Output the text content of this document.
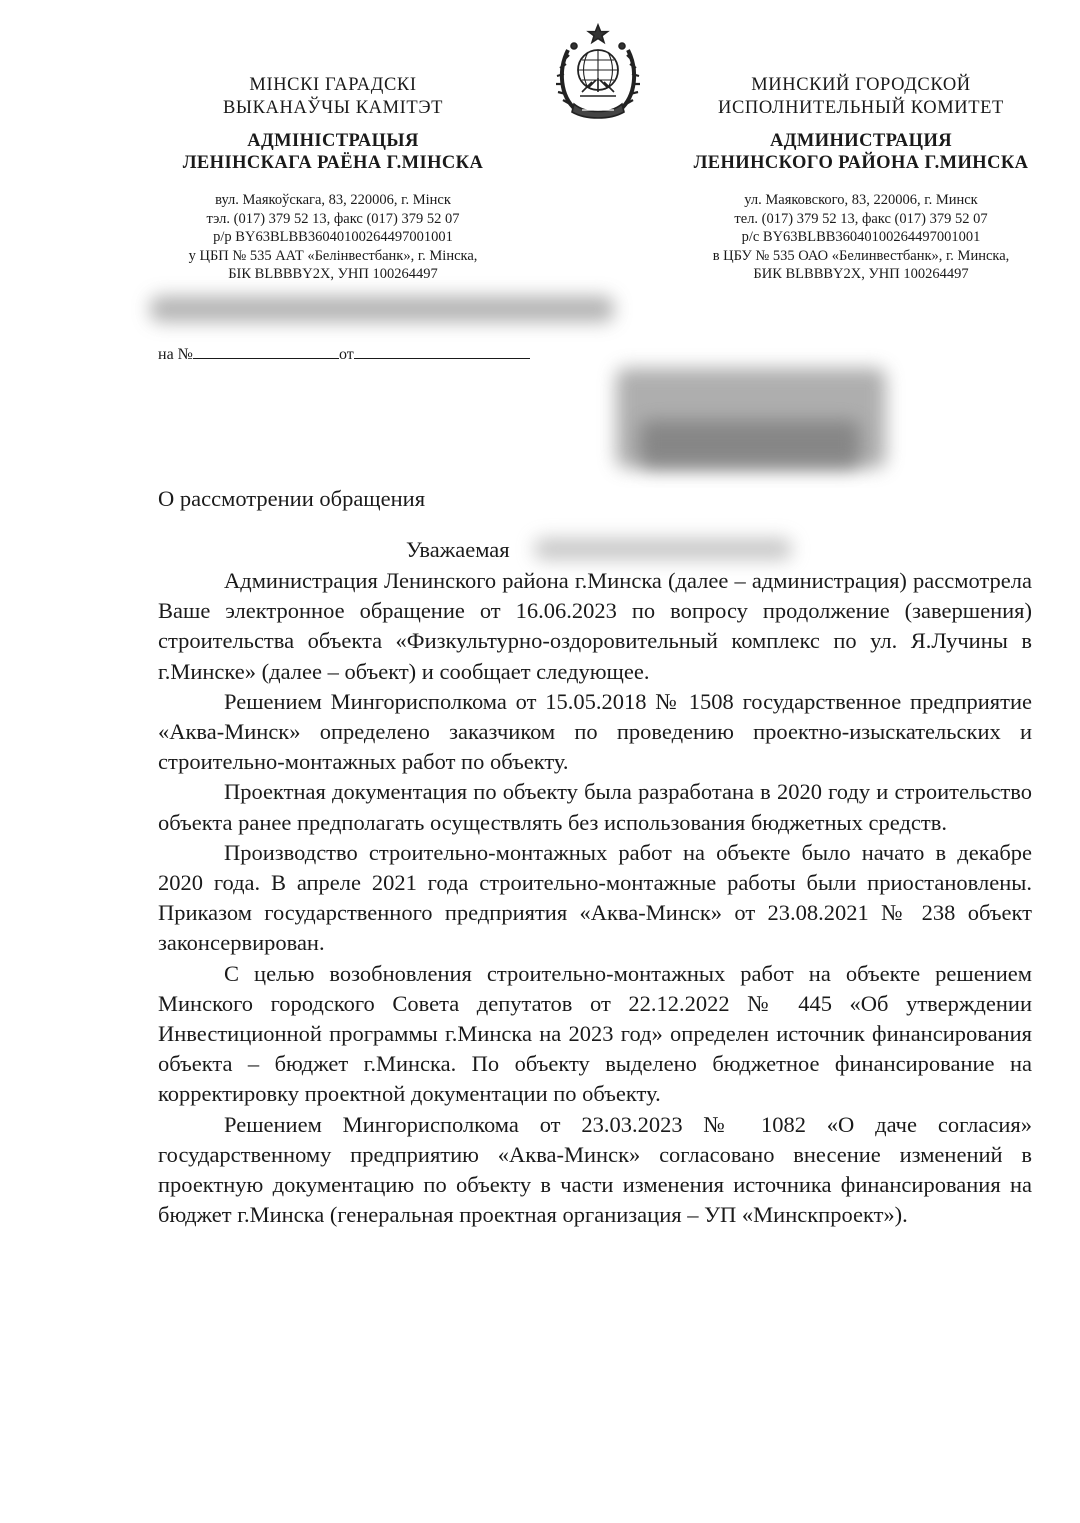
МІНСКІ ГАРАДСКІ
ВЫКАНАЎЧЫ КАМІТЭТ
АДМІНІСТРАЦЫЯ
ЛЕНІНСКАГА РАЁНА Г.МІНСКА
вул. Маякоўскага, 83, 220006, г. Мінск
тэл. (017) 379 52 13, факс (017) 379 52 07
р/р BY63BLBB36040100264497001001
у ЦБП № 535 ААТ «Белінвестбанк», г. Мінска,
БІК BLBBBY2X, УНП 100264497
МИНСКИЙ ГОРОДСКОЙ
ИСПОЛНИТЕЛЬНЫЙ КОМИТЕТ
АДМИНИСТРАЦИЯ
ЛЕНИНСКОГО РАЙОНА Г.МИНСКА
ул. Маяковского, 83, 220006, г. Минск
тел. (017) 379 52 13, факс (017) 379 52 07
р/с BY63BLBB36040100264497001001
в ЦБУ № 535 ОАО «Белинвестбанк», г. Минска,
БИК BLBBBY2X, УНП 100264497
на №	от
О рассмотрении обращения
Уважаемая

Администрация Ленинского района г.Минска (далее – администрация) рассмотрела Ваше электронное обращение от 16.06.2023 по вопросу продолжение (завершения) строительства объекта «Физкультурно-оздоровительный комплекс по ул. Я.Лучины в г.Минске» (далее – объект) и сообщает следующее.

Решением Мингорисполкома от 15.05.2018 № 1508 государственное предприятие «Аква-Минск» определено заказчиком по проведению проектно-изыскательских и строительно-монтажных работ по объекту.

Проектная документация по объекту была разработана в 2020 году и строительство объекта ранее предполагать осуществлять без использования бюджетных средств.

Производство строительно-монтажных работ на объекте было начато в декабре 2020 года. В апреле 2021 года строительно-монтажные работы были приостановлены. Приказом государственного предприятия «Аква-Минск» от 23.08.2021 № 238 объект законсервирован.

С целью возобновления строительно-монтажных работ на объекте решением Минского городского Совета депутатов от 22.12.2022 № 445 «Об утверждении Инвестиционной программы г.Минска на 2023 год» определен источник финансирования объекта – бюджет г.Минска. По объекту выделено бюджетное финансирование на корректировку проектной документации по объекту.

Решением Мингорисполкома от 23.03.2023 № 1082 «О даче согласия» государственному предприятию «Аква-Минск» согласовано внесение изменений в проектную документацию по объекту в части изменения источника финансирования на бюджет г.Минска (генеральная проектная организация – УП «Минскпроект»).
